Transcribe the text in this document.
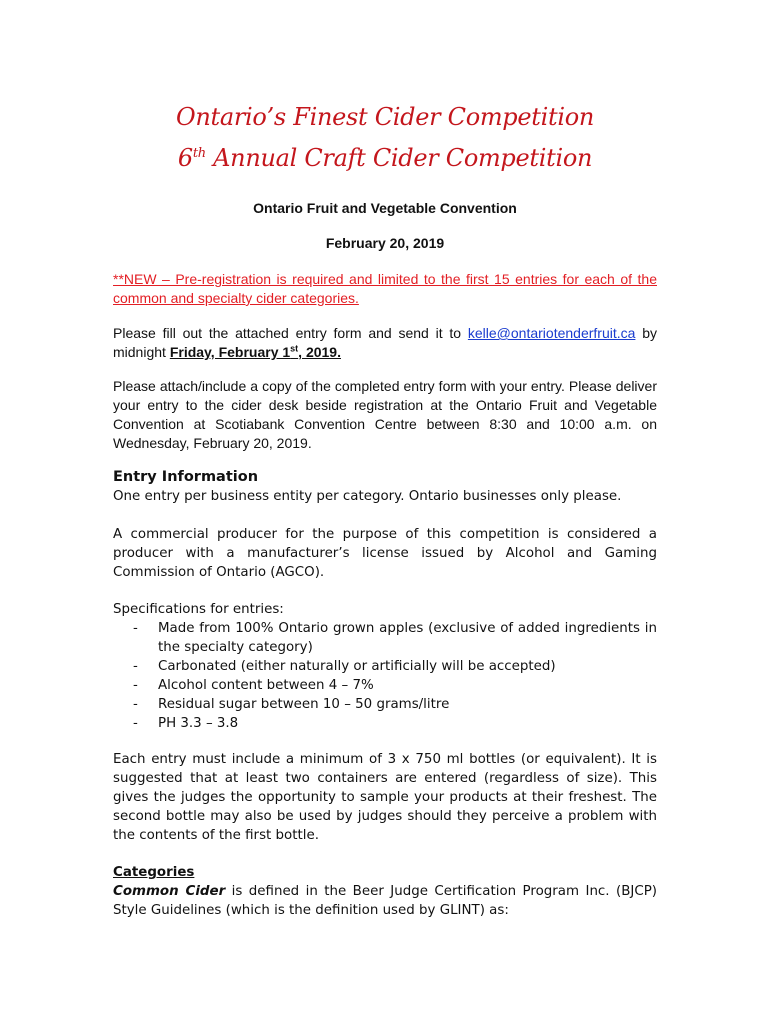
Ontario’s Finest Cider Competition
6th Annual Craft Cider Competition
Ontario Fruit and Vegetable Convention
February 20, 2019
**NEW – Pre-registration is required and limited to the first 15 entries for each of the common and specialty cider categories.
Please fill out the attached entry form and send it to kelle@ontariotenderfruit.ca by midnight Friday, February 1st, 2019.
Please attach/include a copy of the completed entry form with your entry. Please deliver your entry to the cider desk beside registration at the Ontario Fruit and Vegetable Convention at Scotiabank Convention Centre between 8:30 and 10:00 a.m. on Wednesday, February 20, 2019.
Entry Information
One entry per business entity per category. Ontario businesses only please.
A commercial producer for the purpose of this competition is considered a producer with a manufacturer’s license issued by Alcohol and Gaming Commission of Ontario (AGCO).
Specifications for entries:
- Made from 100% Ontario grown apples (exclusive of added ingredients in the specialty category)
- Carbonated (either naturally or artificially will be accepted)
- Alcohol content between 4 – 7%
- Residual sugar between 10 – 50 grams/litre
- PH 3.3 – 3.8
Each entry must include a minimum of 3 x 750 ml bottles (or equivalent). It is suggested that at least two containers are entered (regardless of size). This gives the judges the opportunity to sample your products at their freshest. The second bottle may also be used by judges should they perceive a problem with the contents of the first bottle.
Categories
Common Cider is defined in the Beer Judge Certification Program Inc. (BJCP) Style Guidelines (which is the definition used by GLINT) as:
